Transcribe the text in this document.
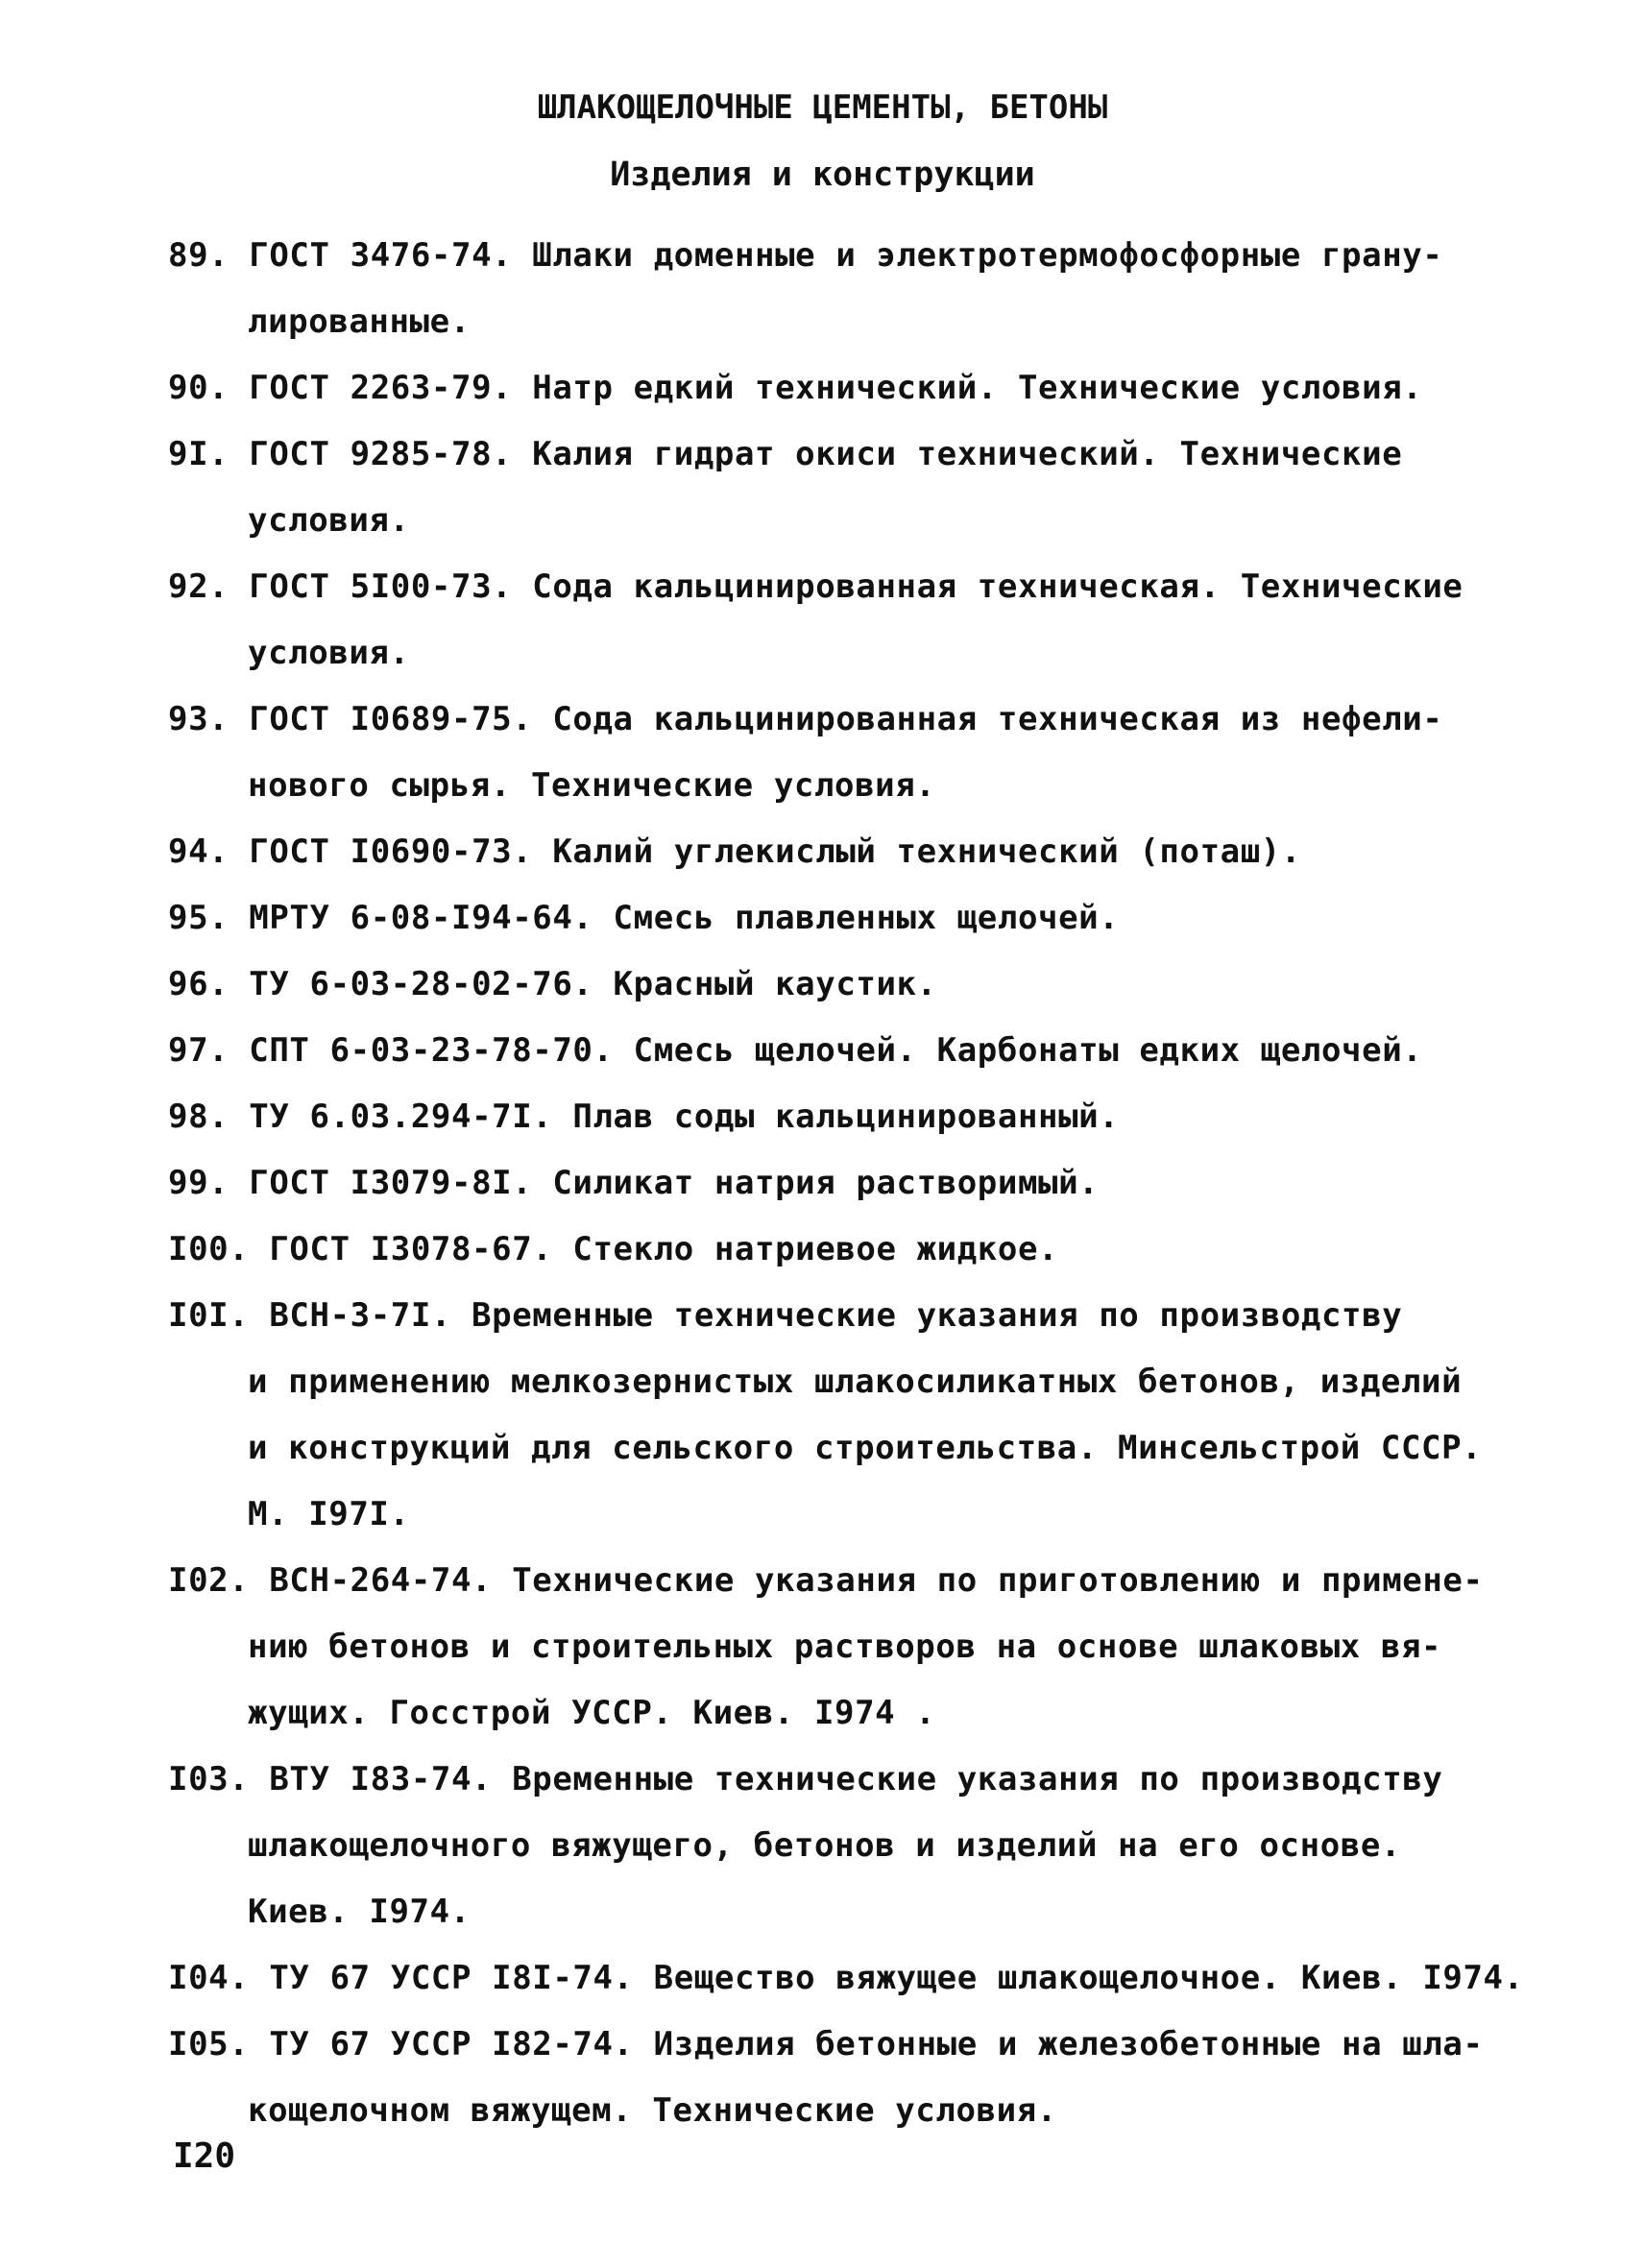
ШЛАКОЩЕЛОЧНЫЕ ЦЕМЕНТЫ, БЕТОНЫ
Изделия и конструкции
89. ГОСТ 3476-74. Шлаки доменные и электротермофосфорные грану-
лированные.
90. ГОСТ 2263-79. Натр едкий технический. Технические условия.
9I. ГОСТ 9285-78. Калия гидрат окиси технический. Технические
условия.
92. ГОСТ 5I00-73. Сода кальцинированная техническая. Технические
условия.
93. ГОСТ I0689-75. Сода кальцинированная техническая из нефели-
нового сырья. Технические условия.
94. ГОСТ I0690-73. Калий углекислый технический (поташ).
95. МРТУ 6-08-I94-64. Смесь плавленных щелочей.
96. ТУ 6-03-28-02-76. Красный каустик.
97. СПТ 6-03-23-78-70. Смесь щелочей. Карбонаты едких щелочей.
98. ТУ 6.03.294-7I. Плав соды кальцинированный.
99. ГОСТ I3079-8I. Силикат натрия растворимый.
I00. ГОСТ I3078-67. Стекло натриевое жидкое.
I0I. ВСН-3-7I. Временные технические указания по производству
и применению мелкозернистых шлакосиликатных бетонов, изделий
и конструкций для сельского строительства. Минсельстрой СССР.
М. I97I.
I02. ВСН-264-74. Технические указания по приготовлению и примене-
нию бетонов и строительных растворов на основе шлаковых вя-
жущих. Госстрой УССР. Киев. I974 .
I03. ВТУ I83-74. Временные технические указания по производству
шлакощелочного вяжущего, бетонов и изделий на его основе.
Киев. I974.
I04. ТУ 67 УССР I8I-74. Вещество вяжущее шлакощелочное. Киев. I974.
I05. ТУ 67 УССР I82-74. Изделия бетонные и железобетонные на шла-
кощелочном вяжущем. Технические условия.
I20
